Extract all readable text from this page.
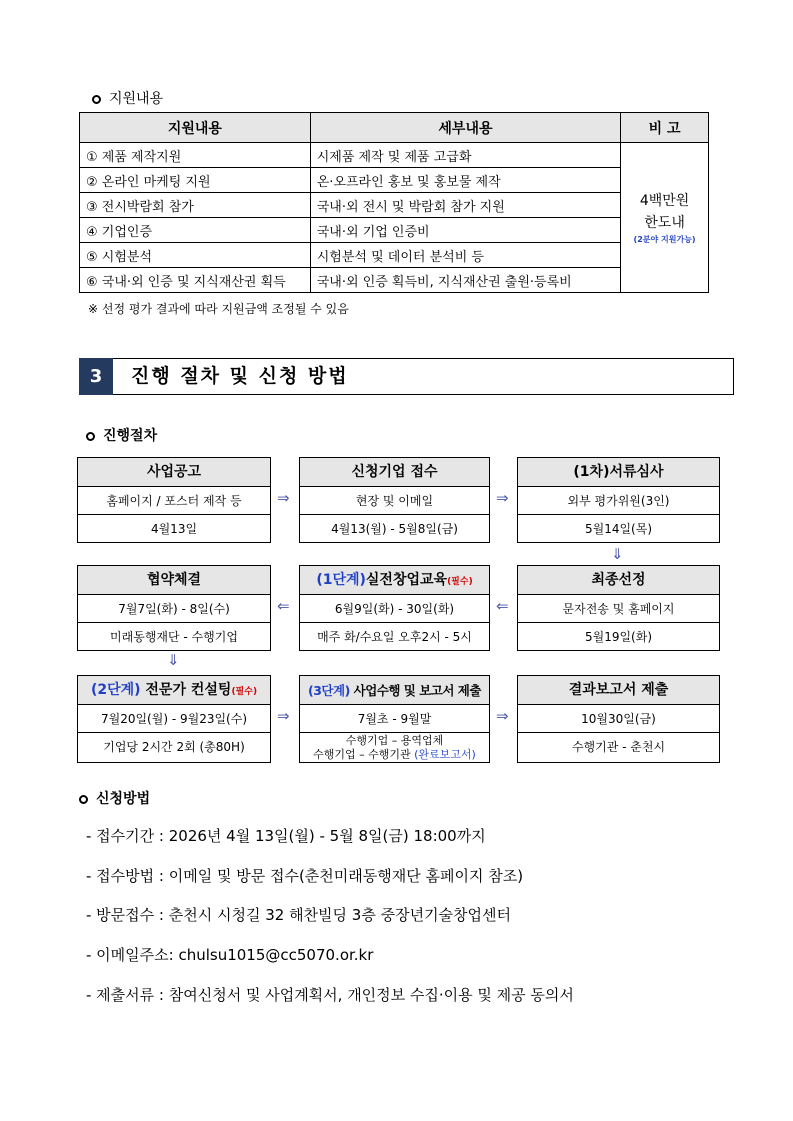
지원내용
지원내용	세부내용	비 고
① 제품 제작지원	시제품 제작 및 제품 고급화	4백만원
한도내
(2분야 지원가능)

② 온라인 마케팅 지원	온·오프라인 홍보 및 홍보물 제작	
③ 전시박람회 참가	국내·외 전시 및 박람회 참가 지원	
④ 기업인증	국내·외 기업 인증비	
⑤ 시험분석	시험분석 및 데이터 분석비 등	
⑥ 국내·외 인증 및 지식재산권 획득	국내·외 인증 획득비, 지식재산권 출원·등록비	
※ 선정 평가 결과에 따라 지원금액 조정될 수 있음
3	진행 절차 및 신청 방법
진행절차
사업공고
홈페이지 / 포스터 제작 등
4월13일
⇒
신청기업 접수
현장 및 이메일
4월13(월) - 5월8일(금)
⇒
(1차)서류심사
외부 평가위원(3인)
5월14일(목)
⇓
협약체결
7월7일(화) - 8일(수)
미래동행재단 - 수행기업
⇐
(1단계)실전창업교육(필수)
6월9일(화) - 30일(화)
매주 화/수요일 오후2시 - 5시
⇐
최종선정
문자전송 및 홈페이지
5월19일(화)
⇓
(2단계) 전문가 컨설팅(필수)
7월20일(월) - 9월23일(수)
기업당 2시간 2회 (총80H)
⇒
(3단계) 사업수행 및 보고서 제출
7월초 - 9월말
수행기업 – 용역업체
수행기업 – 수행기관 (완료보고서)
⇒
결과보고서 제출
10월30일(금)
수행기관 - 춘천시
신청방법
- 접수기간 : 2026년 4월 13일(월) - 5월 8일(금) 18:00까지
- 접수방법 : 이메일 및 방문 접수(춘천미래동행재단 홈페이지 참조)
- 방문접수 : 춘천시 시청길 32 해찬빌딩 3층 중장년기술창업센터
- 이메일주소: chulsu1015@cc5070.or.kr
- 제출서류 : 참여신청서 및 사업계획서, 개인정보 수집·이용 및 제공 동의서
